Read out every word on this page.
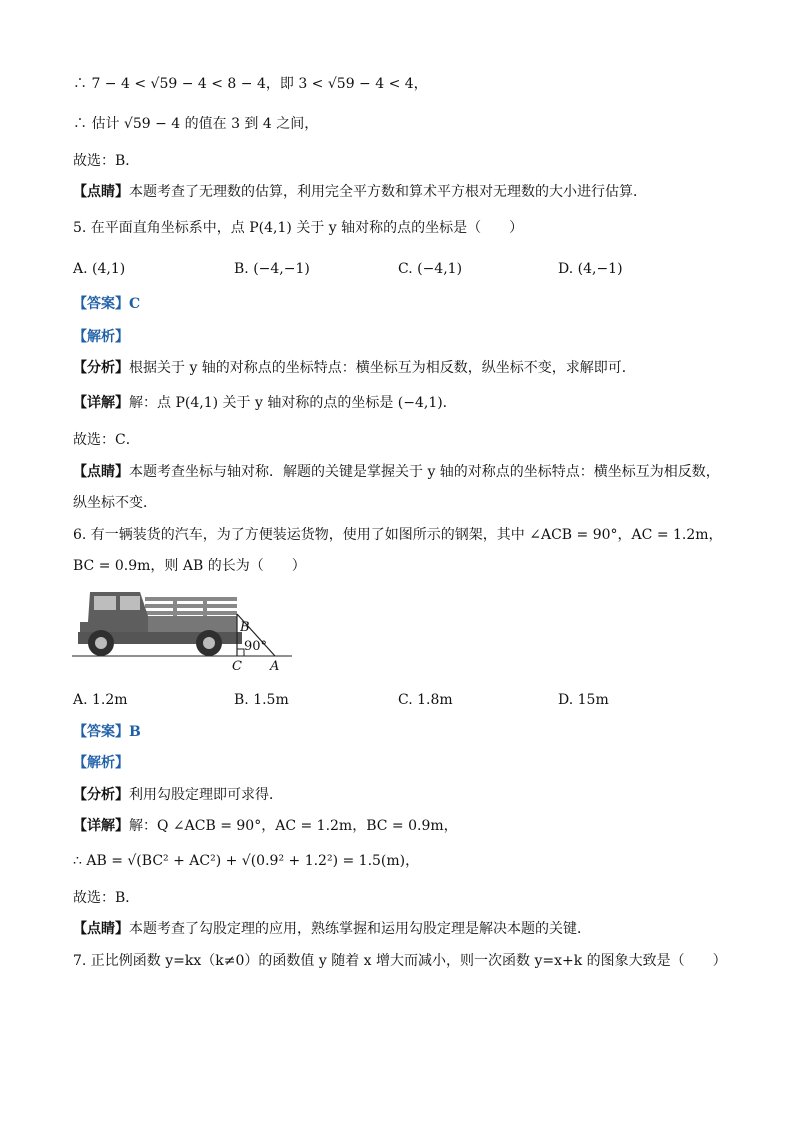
∴ 7 − 4 < √59 − 4 < 8 − 4，即 3 < √59 − 4 < 4，
∴ 估计 √59 − 4 的值在 3 到 4 之间，
故选：B．
【点睛】本题考查了无理数的估算，利用完全平方数和算术平方根对无理数的大小进行估算．
5. 在平面直角坐标系中，点 P(4,1) 关于 y 轴对称的点的坐标是（　　）
A. (4,1)	B. (−4,−1)	C. (−4,1)	D. (4,−1)
【答案】C
【解析】
【分析】根据关于 y 轴的对称点的坐标特点：横坐标互为相反数，纵坐标不变，求解即可．
【详解】解：点 P(4,1) 关于 y 轴对称的点的坐标是 (−4,1)．
故选：C．
【点睛】本题考查坐标与轴对称．解题的关键是掌握关于 y 轴的对称点的坐标特点：横坐标互为相反数，
纵坐标不变．
6. 有一辆装货的汽车，为了方便装运货物，使用了如图所示的钢架，其中 ∠ACB = 90°，AC = 1.2m，
BC = 0.9m，则 AB 的长为（　　）
B
90°
C A
A. 1.2m	B. 1.5m	C. 1.8m	D. 15m
【答案】B
【解析】
【分析】利用勾股定理即可求得．
【详解】解：Q ∠ACB = 90°，AC = 1.2m，BC = 0.9m，
∴ AB = √(BC² + AC²) + √(0.9² + 1.2²) = 1.5(m)，
故选：B．
【点睛】本题考查了勾股定理的应用，熟练掌握和运用勾股定理是解决本题的关键．
7. 正比例函数 y=kx（k≠0）的函数值 y 随着 x 增大而减小，则一次函数 y=x+k 的图象大致是（　　）
